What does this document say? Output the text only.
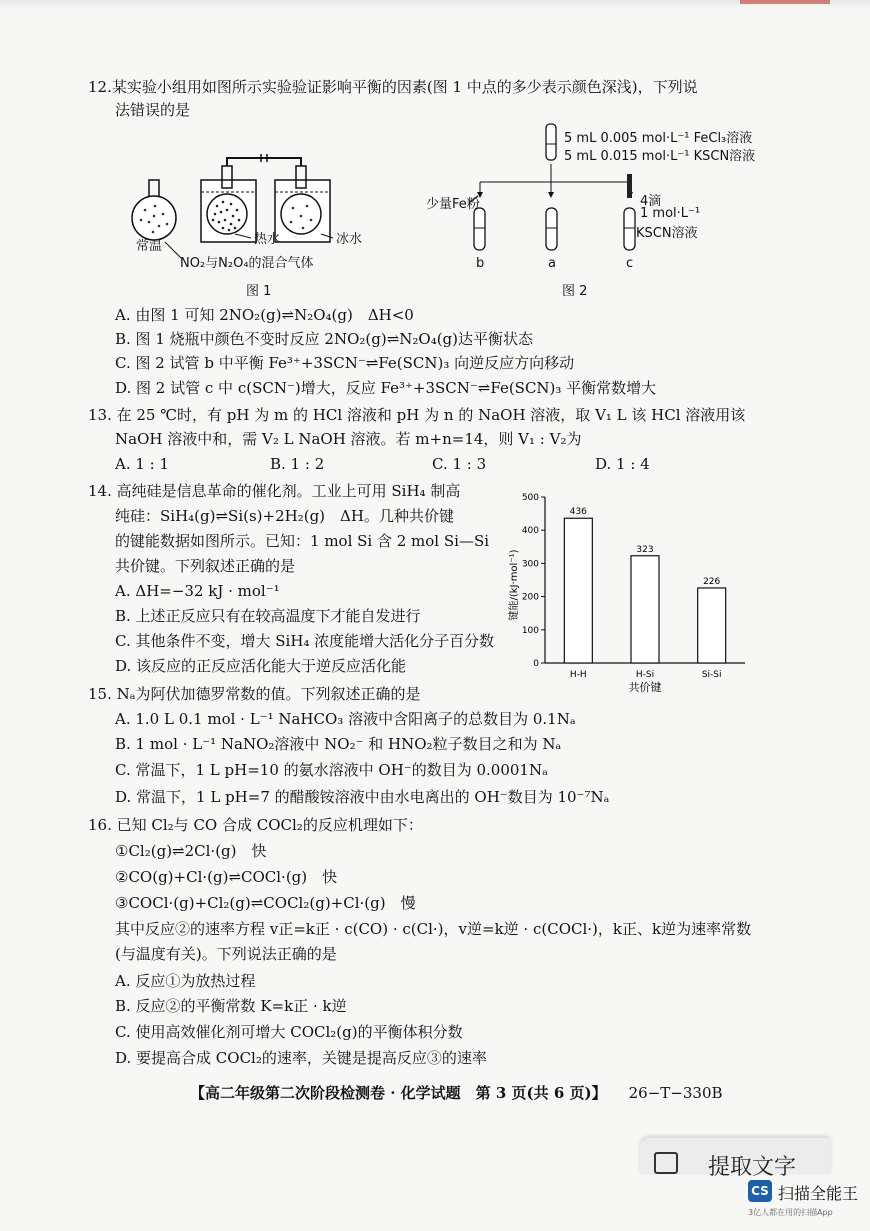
12.某实验小组用如图所示实验验证影响平衡的因素(图 1 中点的多少表示颜色深浅)，下列说
法错误的是
常温	热水	冰水
NO₂与N₂O₄的混合气体
图 1
5 mL 0.005 mol·L⁻¹ FeCl₃溶液
5 mL 0.015 mol·L⁻¹ KSCN溶液
少量Fe粉	4滴
1 mol·L⁻¹
KSCN溶液
b	a	c
图 2
A. 由图 1 可知 2NO₂(g)⇌N₂O₄(g)　ΔH<0
B. 图 1 烧瓶中颜色不变时反应 2NO₂(g)⇌N₂O₄(g)达平衡状态
C. 图 2 试管 b 中平衡 Fe³⁺+3SCN⁻⇌Fe(SCN)₃ 向逆反应方向移动
D. 图 2 试管 c 中 c(SCN⁻)增大，反应 Fe³⁺+3SCN⁻⇌Fe(SCN)₃ 平衡常数增大
13. 在 25 ℃时，有 pH 为 m 的 HCl 溶液和 pH 为 n 的 NaOH 溶液，取 V₁ L 该 HCl 溶液用该
NaOH 溶液中和，需 V₂ L NaOH 溶液。若 m+n=14，则 V₁ : V₂为
A. 1 : 1	B. 1 : 2	C. 1 : 3	D. 1 : 4
14. 高纯硅是信息革命的催化剂。工业上可用 SiH₄ 制高
纯硅：SiH₄(g)⇌Si(s)+2H₂(g)　ΔH。几种共价键
的键能数据如图所示。已知：1 mol Si 含 2 mol Si—Si
共价键。下列叙述正确的是
A. ΔH=−32 kJ · mol⁻¹
B. 上述正反应只有在较高温度下才能自发进行
C. 其他条件不变，增大 SiH₄ 浓度能增大活化分子百分数
D. 该反应的正反应活化能大于逆反应活化能	0
100
200
300
400
500
436
323
226
H-H	H-Si	Si-Si
键能/(kJ·mol⁻¹)
共价键
15. Nₐ为阿伏加德罗常数的值。下列叙述正确的是
A. 1.0 L 0.1 mol · L⁻¹ NaHCO₃ 溶液中含阳离子的总数目为 0.1Nₐ
B. 1 mol · L⁻¹ NaNO₂溶液中 NO₂⁻ 和 HNO₂粒子数目之和为 Nₐ
C. 常温下，1 L pH=10 的氨水溶液中 OH⁻的数目为 0.0001Nₐ
D. 常温下，1 L pH=7 的醋酸铵溶液中由水电离出的 OH⁻数目为 10⁻⁷Nₐ
16. 已知 Cl₂与 CO 合成 COCl₂的反应机理如下：
①Cl₂(g)⇌2Cl·(g)　快
②CO(g)+Cl·(g)⇌COCl·(g)　快
③COCl·(g)+Cl₂(g)⇌COCl₂(g)+Cl·(g)　慢
其中反应②的速率方程 v正=k正 · c(CO) · c(Cl·)，v逆=k逆 · c(COCl·)，k正、k逆为速率常数
(与温度有关)。下列说法正确的是
A. 反应①为放热过程
B. 反应②的平衡常数 K=k正 · k逆
C. 使用高效催化剂可增大 COCl₂(g)的平衡体积分数
D. 要提高合成 COCl₂的速率，关键是提高反应③的速率
【高二年级第二次阶段检测卷 · 化学试题　第 3 页(共 6 页)】 26−T−330B
提取文字
CS 扫描全能王
3亿人都在用的扫描App
